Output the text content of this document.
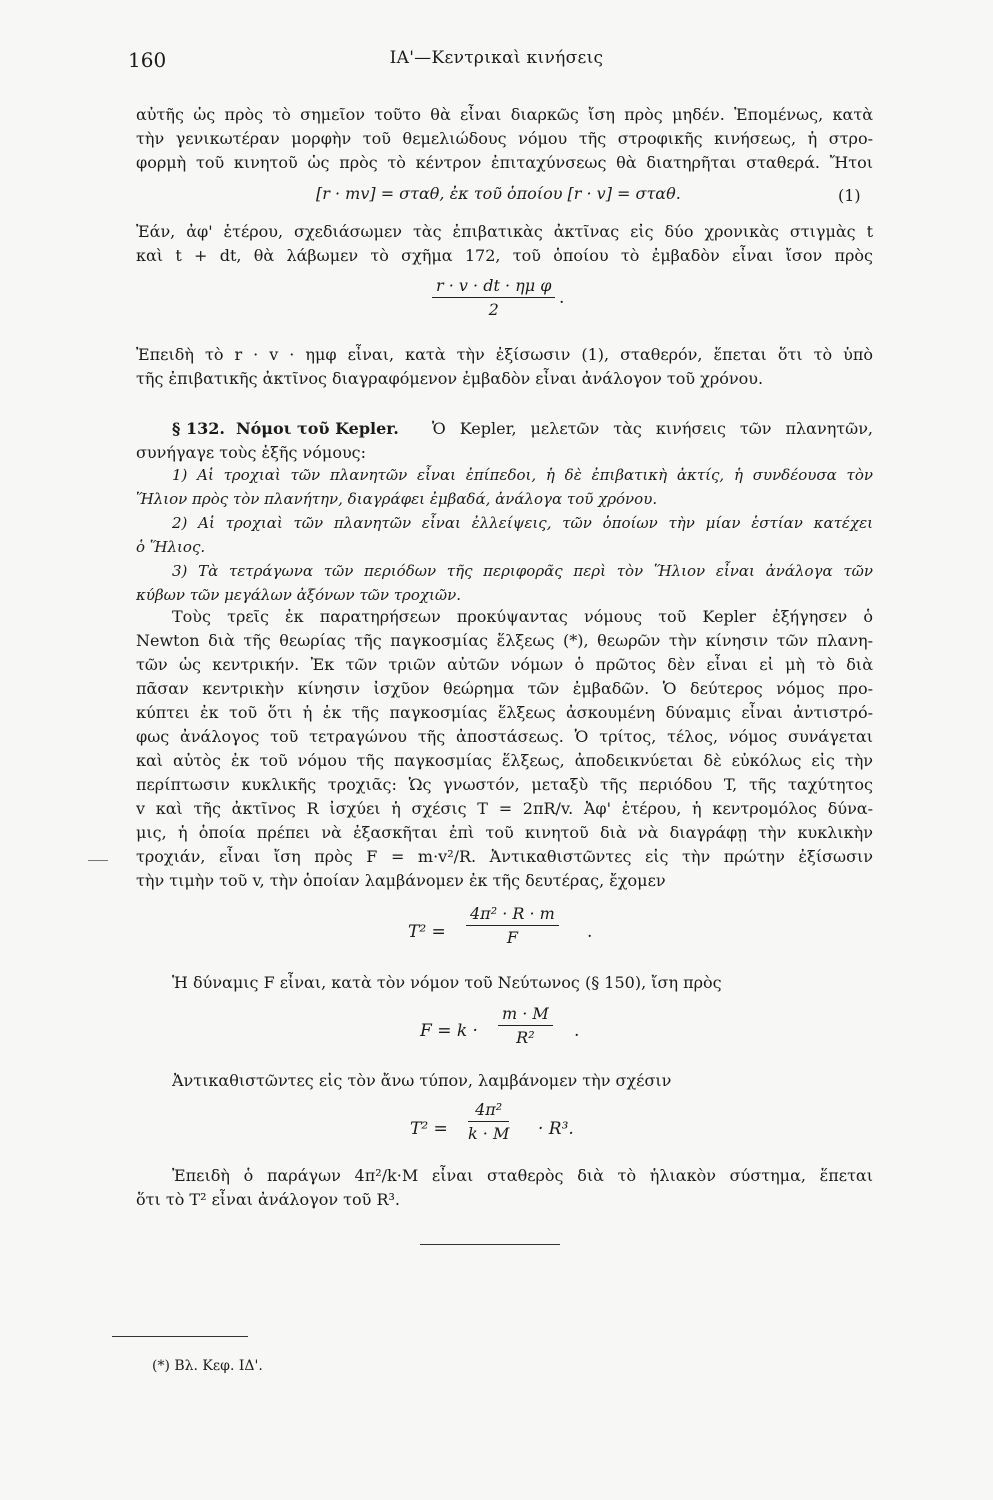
160	ΙΑ'—Κεντρικαὶ κινήσεις
αὐτῆς ὡς πρὸς τὸ σημεῖον τοῦτο θὰ εἶναι διαρκῶς ἴση πρὸς μηδέν. Ἑπομένως, κατὰ
τὴν γενικωτέραν μορφὴν τοῦ θεμελιώδους νόμου τῆς στροφικῆς κινήσεως, ἡ στρο-
φορμὴ τοῦ κινητοῦ ὡς πρὸς τὸ κέντρον ἐπιταχύνσεως θὰ διατηρῆται σταθερά. Ἤτοι
[r · mv] = σταθ, ἐκ τοῦ ὁποίου [r · v] = σταθ.	(1)
Ἐάν, ἀφ' ἑτέρου, σχεδιάσωμεν τὰς ἐπιβατικὰς ἀκτῖνας εἰς δύο χρονικὰς στιγμὰς t
καὶ t + dt, θὰ λάβωμεν τὸ σχῆμα 172, τοῦ ὁποίου τὸ ἐμβαδὸν εἶναι ἴσον πρὸς
r · v · dt · ημ φ
2
.
Ἐπειδὴ τὸ r · v · ημφ εἶναι, κατὰ τὴν ἐξίσωσιν (1), σταθερόν, ἕπεται ὅτι τὸ ὑπὸ
τῆς ἐπιβατικῆς ἀκτῖνος διαγραφόμενον ἐμβαδὸν εἶναι ἀνάλογον τοῦ χρόνου.
§ 132. Νόμοι τοῦ Kepler.	Ὁ Kepler, μελετῶν τὰς κινήσεις τῶν πλανητῶν,
συνήγαγε τοὺς ἑξῆς νόμους:
1) Αἱ τροχιαὶ τῶν πλανητῶν εἶναι ἐπίπεδοι, ἡ δὲ ἐπιβατικὴ ἀκτίς, ἡ συνδέουσα τὸν
Ἥλιον πρὸς τὸν πλανήτην, διαγράφει ἐμβαδά, ἀνάλογα τοῦ χρόνου.
2) Αἱ τροχιαὶ τῶν πλανητῶν εἶναι ἐλλείψεις, τῶν ὁποίων τὴν μίαν ἑστίαν κατέχει
ὁ Ἥλιος.
3) Τὰ τετράγωνα τῶν περιόδων τῆς περιφορᾶς περὶ τὸν Ἥλιον εἶναι ἀνάλογα τῶν
κύβων τῶν μεγάλων ἀξόνων τῶν τροχιῶν.
Τοὺς τρεῖς ἐκ παρατηρήσεων προκύψαντας νόμους τοῦ Kepler ἐξήγησεν ὁ
Newton διὰ τῆς θεωρίας τῆς παγκοσμίας ἕλξεως (*), θεωρῶν τὴν κίνησιν τῶν πλανη-
τῶν ὡς κεντρικήν. Ἐκ τῶν τριῶν αὐτῶν νόμων ὁ πρῶτος δὲν εἶναι εἰ μὴ τὸ διὰ
πᾶσαν κεντρικὴν κίνησιν ἰσχῦον θεώρημα τῶν ἐμβαδῶν. Ὁ δεύτερος νόμος προ-
κύπτει ἐκ τοῦ ὅτι ἡ ἐκ τῆς παγκοσμίας ἕλξεως ἀσκουμένη δύναμις εἶναι ἀντιστρό-
φως ἀνάλογος τοῦ τετραγώνου τῆς ἀποστάσεως. Ὁ τρίτος, τέλος, νόμος συνάγεται
καὶ αὐτὸς ἐκ τοῦ νόμου τῆς παγκοσμίας ἕλξεως, ἀποδεικνύεται δὲ εὐκόλως εἰς τὴν
περίπτωσιν κυκλικῆς τροχιᾶς: Ὡς γνωστόν, μεταξὺ τῆς περιόδου T, τῆς ταχύτητος
v καὶ τῆς ἀκτῖνος R ἰσχύει ἡ σχέσις T = 2πR/v. Ἀφ' ἑτέρου, ἡ κεντρομόλος δύνα-
μις, ἡ ὁποία πρέπει νὰ ἐξασκῆται ἐπὶ τοῦ κινητοῦ διὰ νὰ διαγράφῃ τὴν κυκλικὴν
τροχιάν, εἶναι ἴση πρὸς F = m·v²/R. Ἀντικαθιστῶντες εἰς τὴν πρώτην ἐξίσωσιν
τὴν τιμὴν τοῦ v, τὴν ὁποίαν λαμβάνομεν ἐκ τῆς δευτέρας, ἔχομεν
T² =
4π² · R · m
F	.
Ἡ δύναμις F εἶναι, κατὰ τὸν νόμον τοῦ Νεύτωνος (§ 150), ἴση πρὸς
F = k ·
m · M
R²	.
Ἀντικαθιστῶντες εἰς τὸν ἄνω τύπον, λαμβάνομεν τὴν σχέσιν
T² =
4π²
k · M · R³.
Ἐπειδὴ ὁ παράγων 4π²/k·M εἶναι σταθερὸς διὰ τὸ ἡλιακὸν σύστημα, ἕπεται
ὅτι τὸ T² εἶναι ἀνάλογον τοῦ R³.
(*) Βλ. Κεφ. ΙΔ'.
